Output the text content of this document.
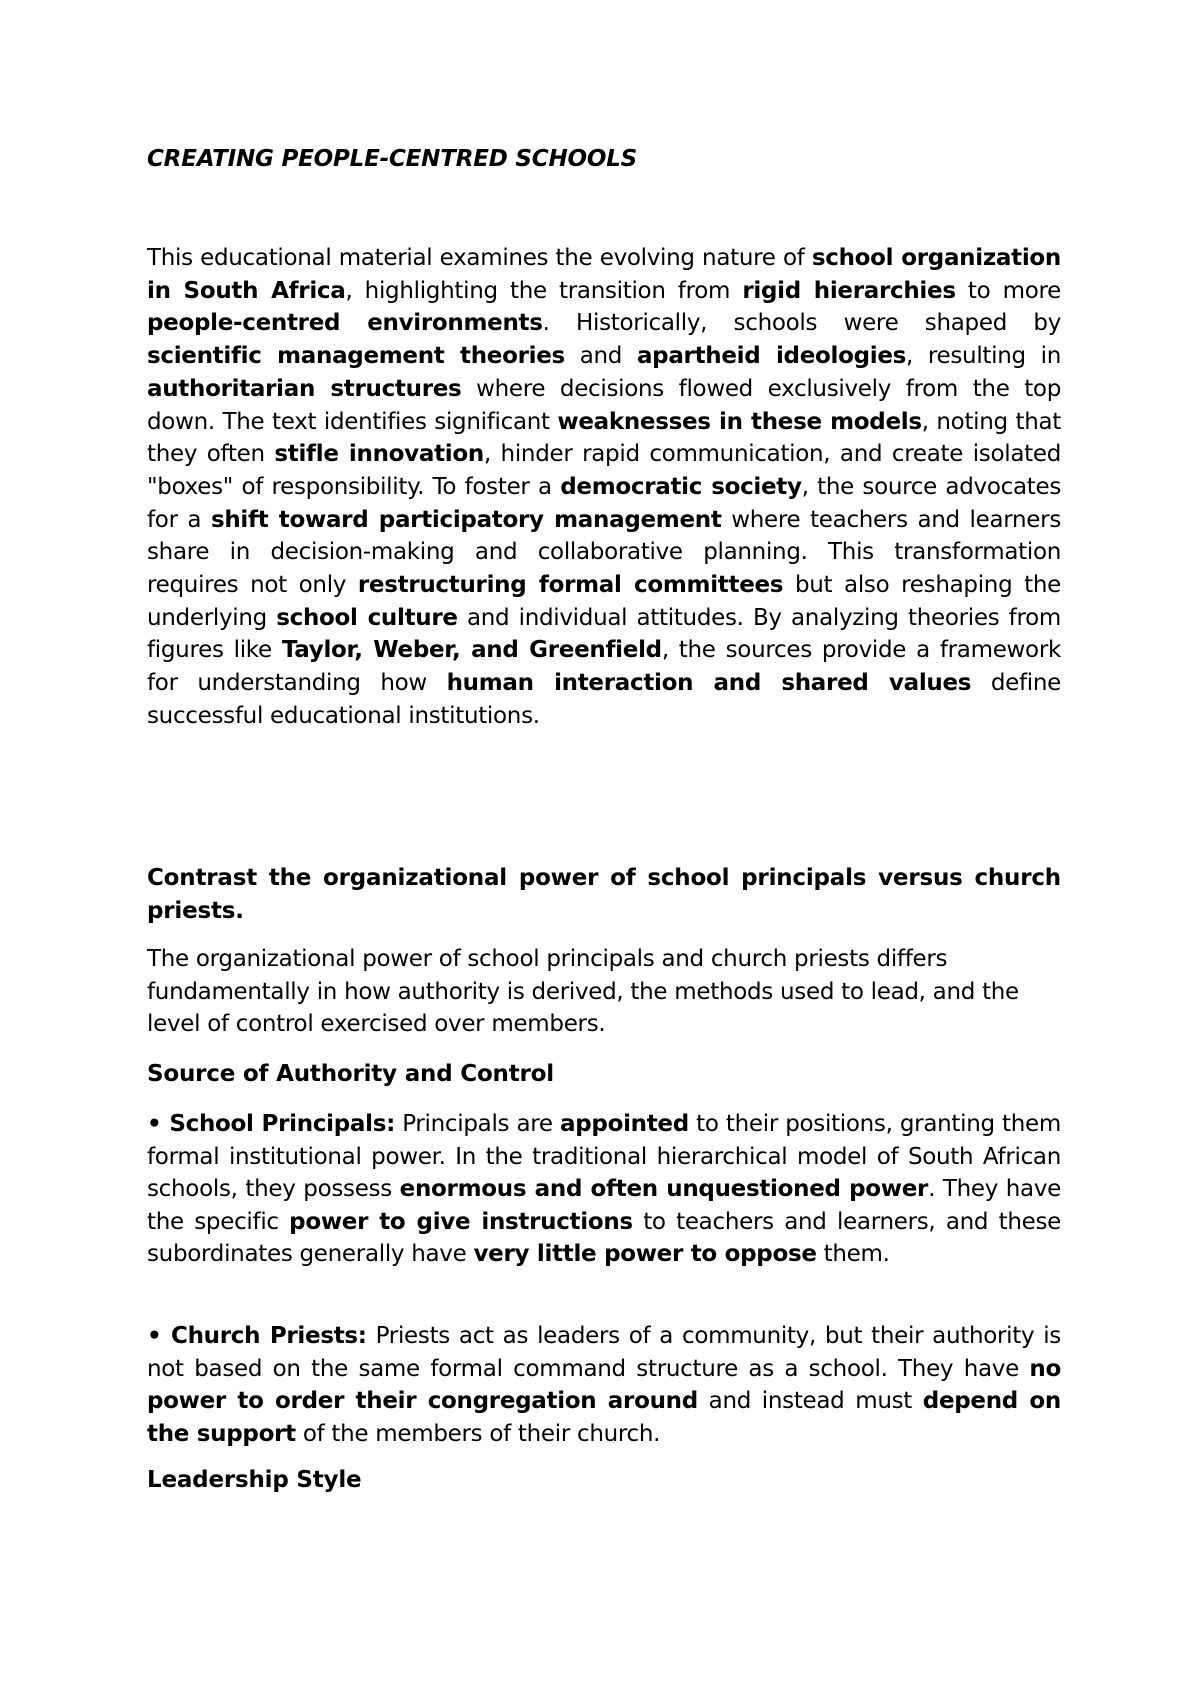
CREATING PEOPLE-CENTRED SCHOOLS

This educational material examines the evolving nature of school organization in South Africa, highlighting the transition from rigid hierarchies to more people-centred environments. Historically, schools were shaped by scientific management theories and apartheid ideologies, resulting in authoritarian structures where decisions flowed exclusively from the top down. The text identifies significant weaknesses in these models, noting that they often stifle innovation, hinder rapid communication, and create isolated "boxes" of responsibility. To foster a democratic society, the source advocates for a shift toward participatory management where teachers and learners share in decision-making and collaborative planning. This transformation requires not only restructuring formal committees but also reshaping the underlying school culture and individual attitudes. By analyzing theories from figures like Taylor, Weber, and Greenfield, the sources provide a framework for understanding how human interaction and shared values define successful educational institutions.

Contrast the organizational power of school principals versus church priests.

The organizational power of school principals and church priests differs fundamentally in how authority is derived, the methods used to lead, and the level of control exercised over members.

Source of Authority and Control

• School Principals: Principals are appointed to their positions, granting them formal institutional power. In the traditional hierarchical model of South African schools, they possess enormous and often unquestioned power. They have the specific power to give instructions to teachers and learners, and these subordinates generally have very little power to oppose them.

• Church Priests: Priests act as leaders of a community, but their authority is not based on the same formal command structure as a school. They have no power to order their congregation around and instead must depend on the support of the members of their church.

Leadership Style
